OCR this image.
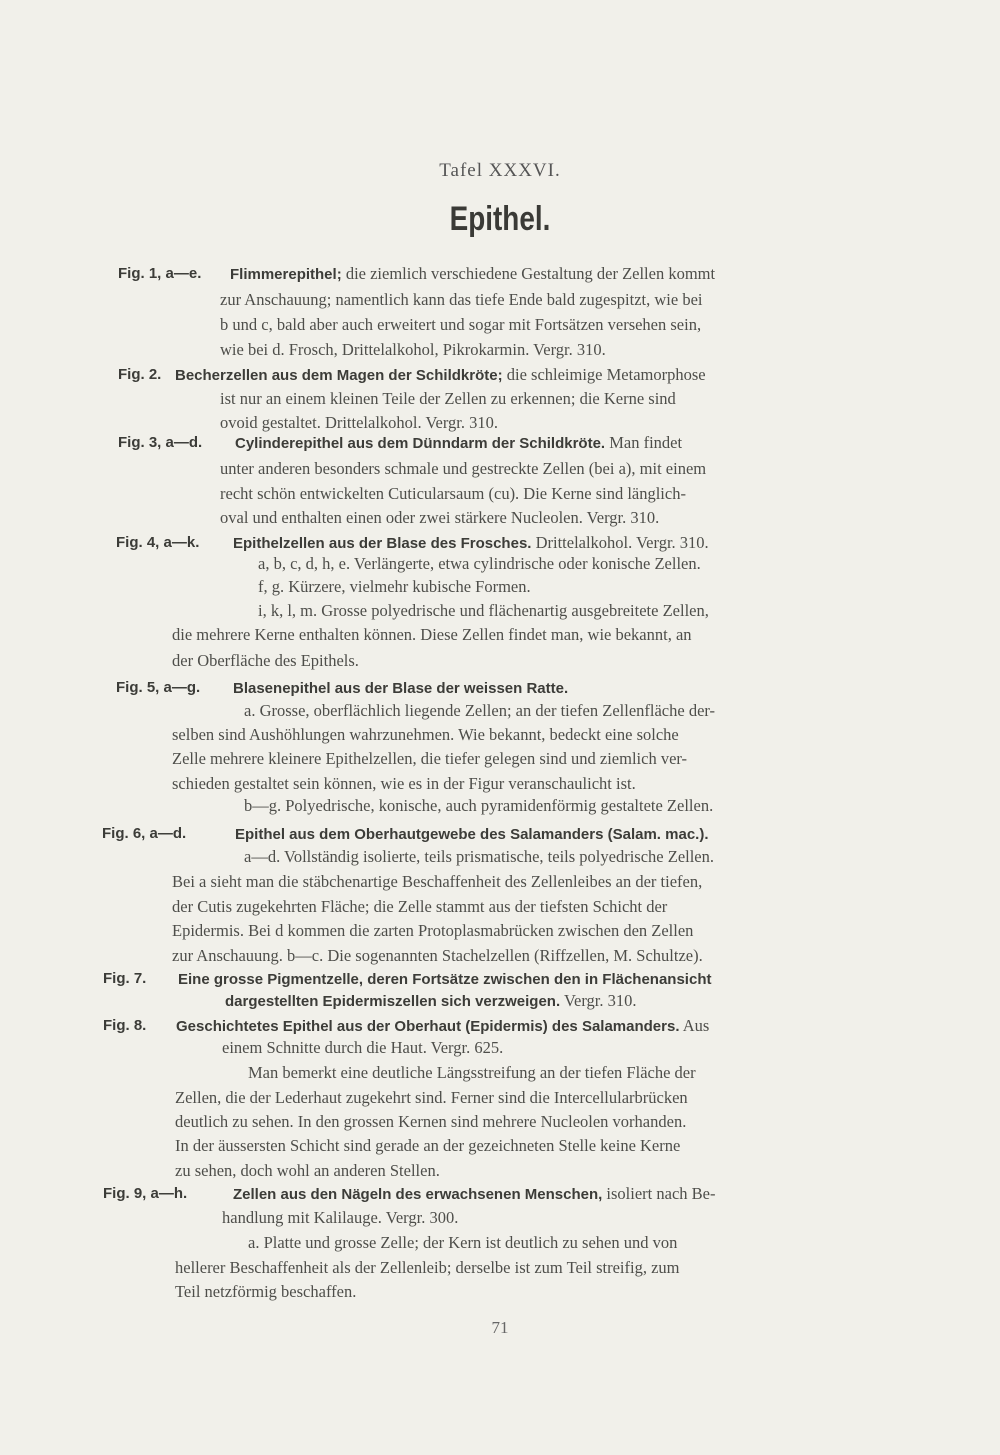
Tafel XXXVI.
Epithel.
Fig. 1, a—e. Flimmerepithel; die ziemlich verschiedene Gestaltung der Zellen kommt
zur Anschauung; namentlich kann das tiefe Ende bald zugespitzt, wie bei
b und c, bald aber auch erweitert und sogar mit Fortsätzen versehen sein,
wie bei d. Frosch, Drittelalkohol, Pikrokarmin. Vergr. 310.
Fig. 2. Becherzellen aus dem Magen der Schildkröte; die schleimige Metamorphose
ist nur an einem kleinen Teile der Zellen zu erkennen; die Kerne sind
ovoid gestaltet. Drittelalkohol. Vergr. 310.
Fig. 3, a—d. Cylinderepithel aus dem Dünndarm der Schildkröte. Man findet
unter anderen besonders schmale und gestreckte Zellen (bei a), mit einem
recht schön entwickelten Cuticularsaum (cu). Die Kerne sind länglich-
oval und enthalten einen oder zwei stärkere Nucleolen. Vergr. 310.
Fig. 4, a—k. Epithelzellen aus der Blase des Frosches. Drittelalkohol. Vergr. 310.
a, b, c, d, h, e. Verlängerte, etwa cylindrische oder konische Zellen.
f, g. Kürzere, vielmehr kubische Formen.
i, k, l, m. Grosse polyedrische und flächenartig ausgebreitete Zellen,
die mehrere Kerne enthalten können. Diese Zellen findet man, wie bekannt, an
der Oberfläche des Epithels.
Fig. 5, a—g. Blasenepithel aus der Blase der weissen Ratte.
a. Grosse, oberflächlich liegende Zellen; an der tiefen Zellenfläche der-
selben sind Aushöhlungen wahrzunehmen. Wie bekannt, bedeckt eine solche
Zelle mehrere kleinere Epithelzellen, die tiefer gelegen sind und ziemlich ver-
schieden gestaltet sein können, wie es in der Figur veranschaulicht ist.
b—g. Polyedrische, konische, auch pyramidenförmig gestaltete Zellen.
Fig. 6, a—d.	Epithel aus dem Oberhautgewebe des Salamanders (Salam. mac.).
a—d. Vollständig isolierte, teils prismatische, teils polyedrische Zellen.
Bei a sieht man die stäbchenartige Beschaffenheit des Zellenleibes an der tiefen,
der Cutis zugekehrten Fläche; die Zelle stammt aus der tiefsten Schicht der
Epidermis. Bei d kommen die zarten Protoplasmabrücken zwischen den Zellen
zur Anschauung. b—c. Die sogenannten Stachelzellen (Riffzellen, M. Schultze).
Fig. 7. Eine grosse Pigmentzelle, deren Fortsätze zwischen den in Flächenansicht
dargestellten Epidermiszellen sich verzweigen. Vergr. 310.
Fig. 8. Geschichtetes Epithel aus der Oberhaut (Epidermis) des Salamanders. Aus
einem Schnitte durch die Haut. Vergr. 625.
Man bemerkt eine deutliche Längsstreifung an der tiefen Fläche der
Zellen, die der Lederhaut zugekehrt sind. Ferner sind die Intercellularbrücken
deutlich zu sehen. In den grossen Kernen sind mehrere Nucleolen vorhanden.
In der äussersten Schicht sind gerade an der gezeichneten Stelle keine Kerne
zu sehen, doch wohl an anderen Stellen.
Fig. 9, a—h.	Zellen aus den Nägeln des erwachsenen Menschen, isoliert nach Be-
handlung mit Kalilauge. Vergr. 300.
a. Platte und grosse Zelle; der Kern ist deutlich zu sehen und von
hellerer Beschaffenheit als der Zellenleib; derselbe ist zum Teil streifig, zum
Teil netzförmig beschaffen.
71
